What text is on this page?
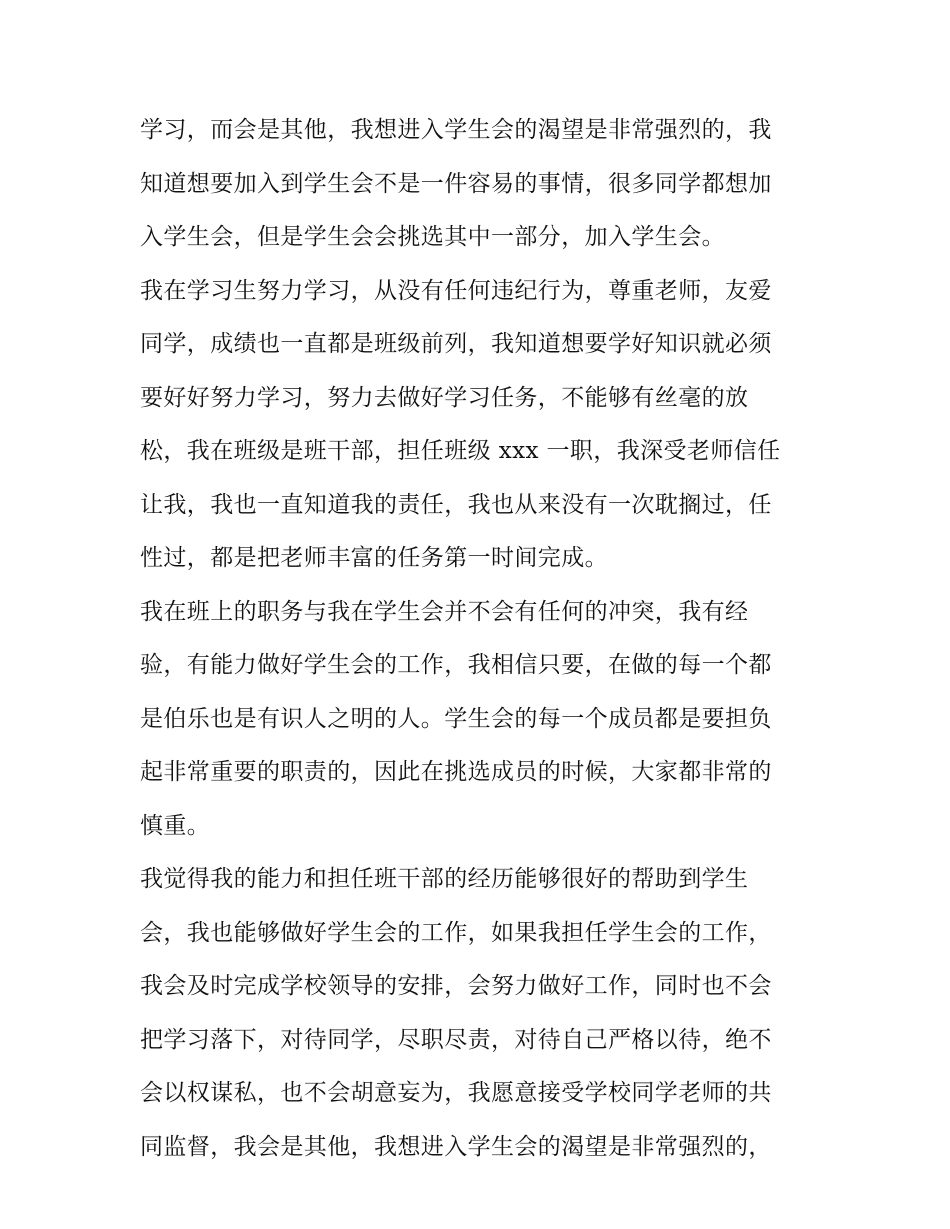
学习，而会是其他，我想进入学生会的渴望是非常强烈的，我
知道想要加入到学生会不是一件容易的事情，很多同学都想加
入学生会，但是学生会会挑选其中一部分，加入学生会。
我在学习生努力学习，从没有任何违纪行为，尊重老师，友爱
同学，成绩也一直都是班级前列，我知道想要学好知识就必须
要好好努力学习，努力去做好学习任务，不能够有丝毫的放
松，我在班级是班干部，担任班级 xxx 一职，我深受老师信任
让我，我也一直知道我的责任，我也从来没有一次耽搁过，任
性过，都是把老师丰富的任务第一时间完成。
我在班上的职务与我在学生会并不会有任何的冲突，我有经
验，有能力做好学生会的工作，我相信只要，在做的每一个都
是伯乐也是有识人之明的人。学生会的每一个成员都是要担负
起非常重要的职责的，因此在挑选成员的时候，大家都非常的
慎重。
我觉得我的能力和担任班干部的经历能够很好的帮助到学生
会，我也能够做好学生会的工作，如果我担任学生会的工作，
我会及时完成学校领导的安排，会努力做好工作，同时也不会
把学习落下，对待同学，尽职尽责，对待自己严格以待，绝不
会以权谋私，也不会胡意妄为，我愿意接受学校同学老师的共
同监督，我会是其他，我想进入学生会的渴望是非常强烈的，
